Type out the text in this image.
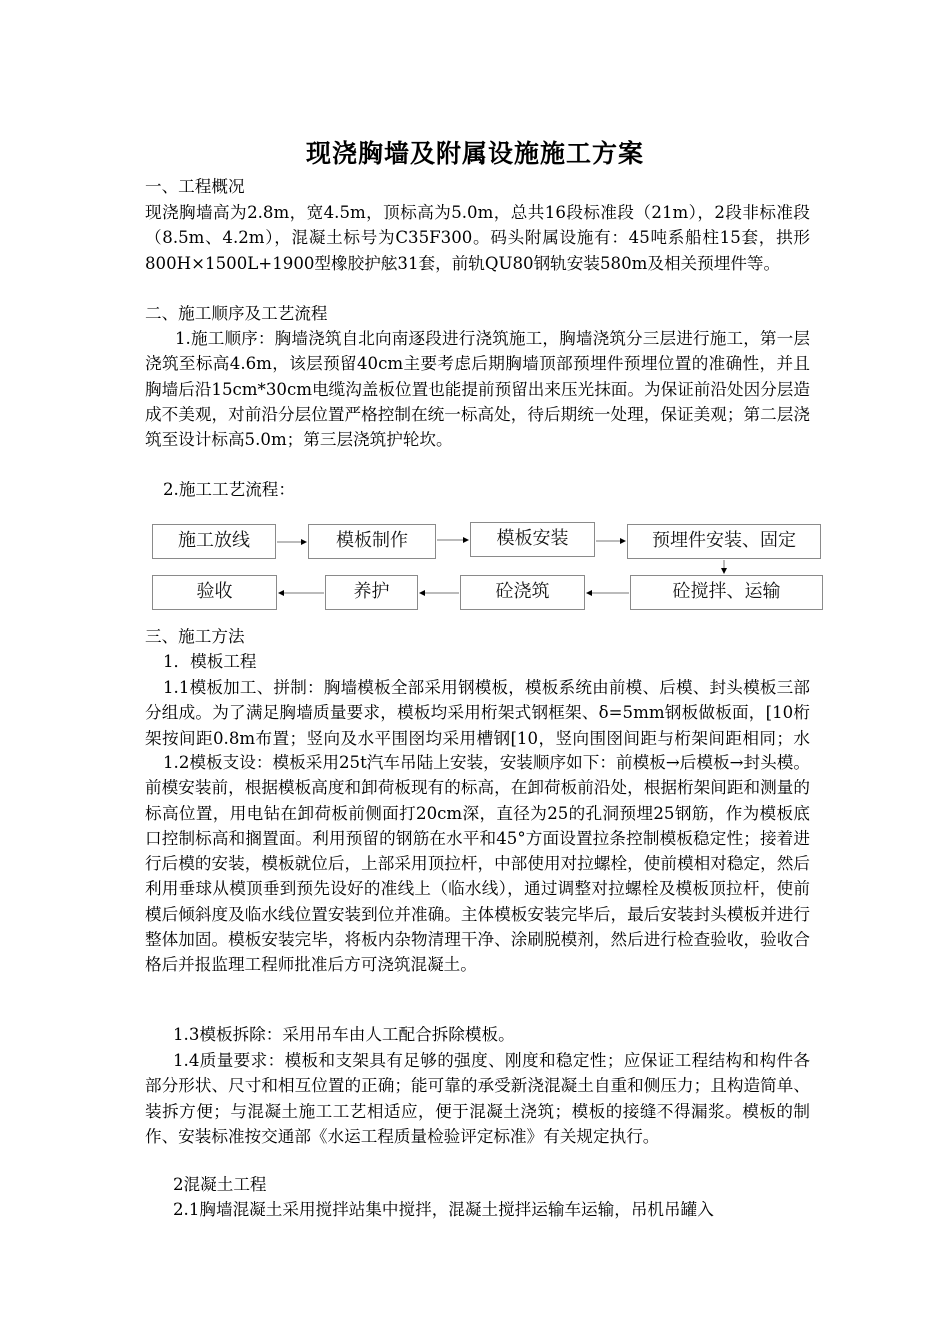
现浇胸墙及附属设施施工方案

一、工程概况

现浇胸墙高为2.8m，宽4.5m，顶标高为5.0m，总共16段标准段（21m），2段非标准段（8.5m、4.2m），混凝土标号为C35F300。码头附属设施有：45吨系船柱15套，拱形800H×1500L+1900型橡胶护舷31套，前轨QU80钢轨安装580m及相关预埋件等。

二、施工顺序及工艺流程

1.施工顺序：胸墙浇筑自北向南逐段进行浇筑施工，胸墙浇筑分三层进行施工，第一层浇筑至标高4.6m，该层预留40cm主要考虑后期胸墙顶部预埋件预埋位置的准确性，并且胸墙后沿15cm*30cm电缆沟盖板位置也能提前预留出来压光抹面。为保证前沿处因分层造成不美观，对前沿分层位置严格控制在统一标高处，待后期统一处理，保证美观；第二层浇筑至设计标高5.0m；第三层浇筑护轮坎。

2.施工工艺流程：

施工放线	模板制作	模板安装	预埋件安装、固定
砼搅拌、运输
砼浇筑
养护
验收

三、施工方法

1．模板工程

1.1模板加工、拼制：胸墙模板全部采用钢模板，模板系统由前模、后模、封头模板三部分组成。为了满足胸墙质量要求，模板均采用桁架式钢框架、δ=5mm钢板做板面，[10桁架按间距0.8m布置；竖向及水平围囹均采用槽钢[10，竖向围囹间距与桁架间距相同；水

1.2模板支设：模板采用25t汽车吊陆上安装，安装顺序如下：前模板→后模板→封头模。前模安装前，根据模板高度和卸荷板现有的标高，在卸荷板前沿处，根据桁架间距和测量的标高位置，用电钻在卸荷板前侧面打20cm深，直径为25的孔洞预埋25钢筋，作为模板底口控制标高和搁置面。利用预留的钢筋在水平和45°方面设置拉条控制模板稳定性；接着进行后模的安装，模板就位后，上部采用顶拉杆，中部使用对拉螺栓，使前模相对稳定，然后利用垂球从模顶垂到预先设好的准线上（临水线），通过调整对拉螺栓及模板顶拉杆，使前模后倾斜度及临水线位置安装到位并准确。主体模板安装完毕后，最后安装封头模板并进行整体加固。模板安装完毕，将板内杂物清理干净、涂刷脱模剂，然后进行检查验收，验收合格后并报监理工程师批准后方可浇筑混凝土。

1.3模板拆除：采用吊车由人工配合拆除模板。

1.4质量要求：模板和支架具有足够的强度、刚度和稳定性；应保证工程结构和构件各部分形状、尺寸和相互位置的正确；能可靠的承受新浇混凝土自重和侧压力；且构造简单、装拆方便；与混凝土施工工艺相适应，便于混凝土浇筑；模板的接缝不得漏浆。模板的制作、安装标准按交通部《水运工程质量检验评定标准》有关规定执行。

2混凝土工程

2.1胸墙混凝土采用搅拌站集中搅拌，混凝土搅拌运输车运输，吊机吊罐入
